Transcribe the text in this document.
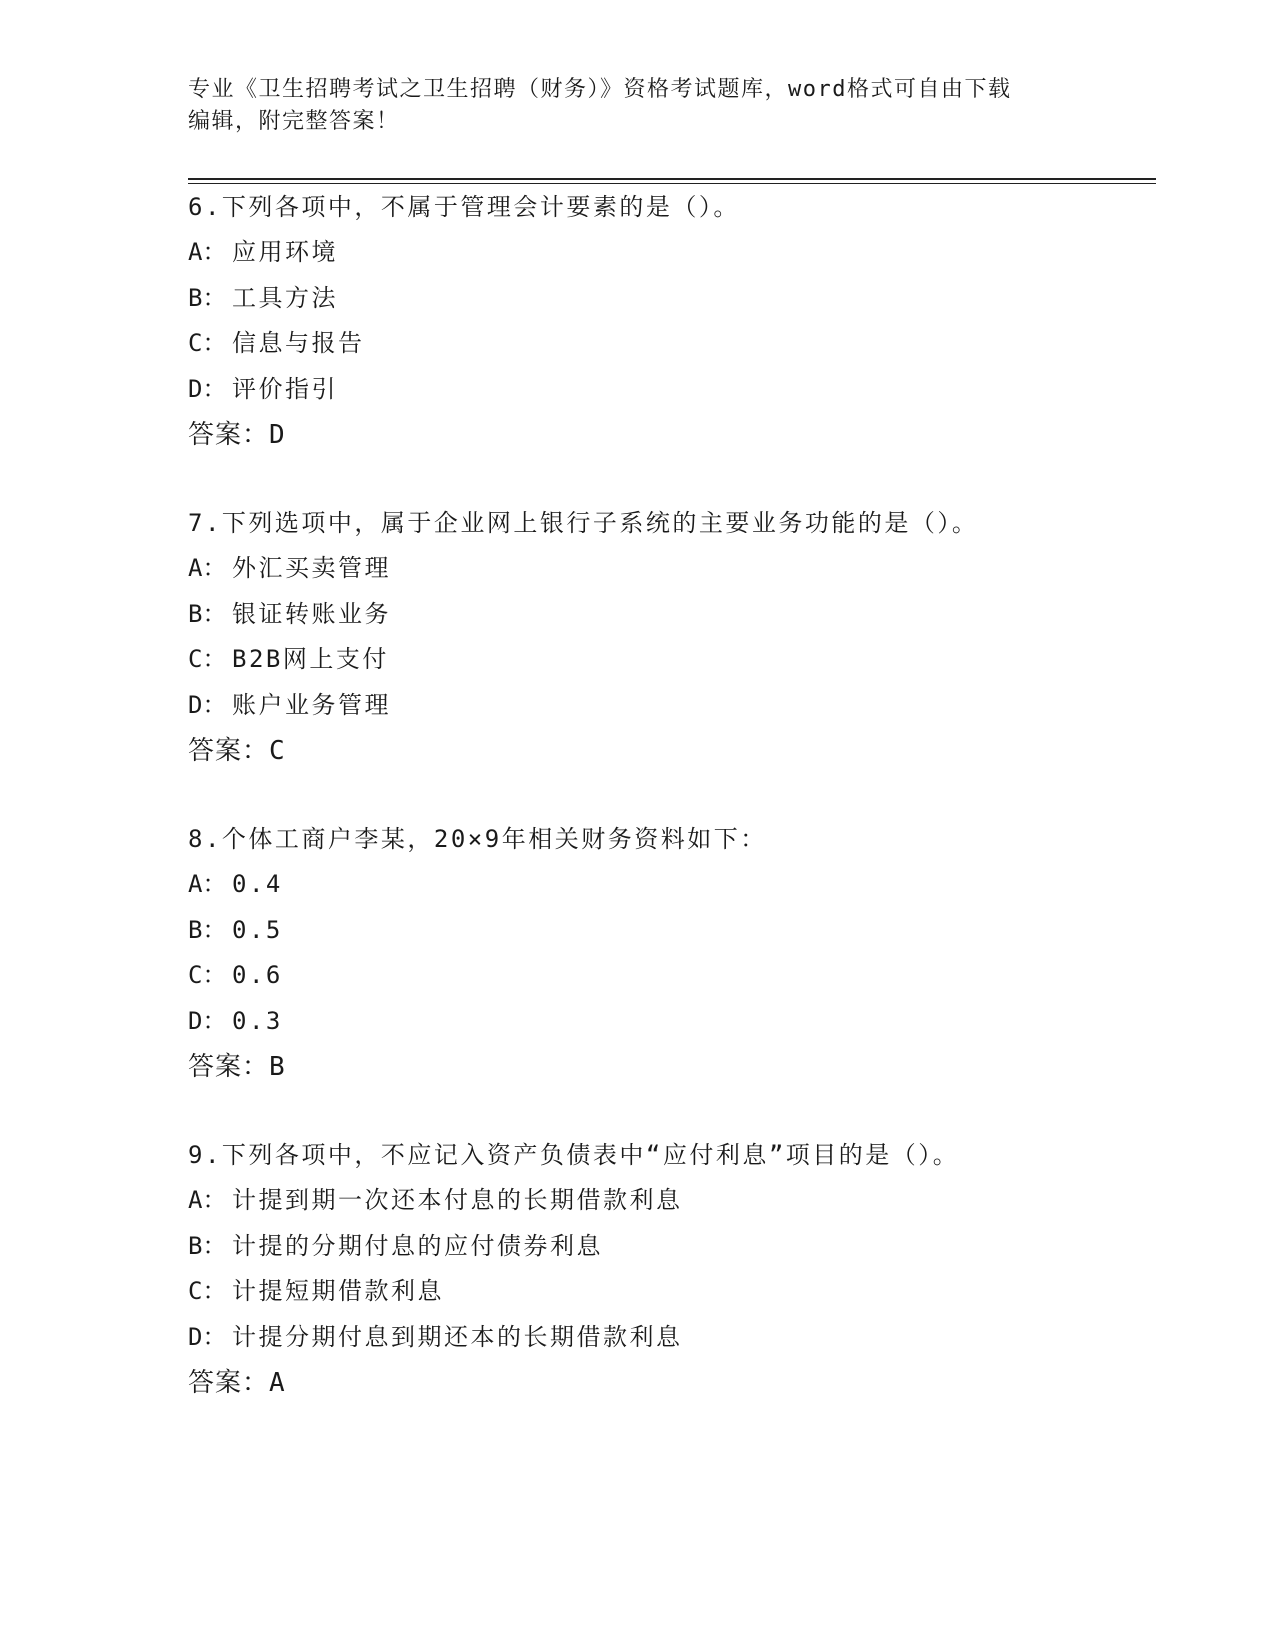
专业《卫生招聘考试之卫生招聘（财务）》资格考试题库，word格式可自由下载
编辑，附完整答案！
6.下列各项中，不属于管理会计要素的是（）。
A： 应用环境
B： 工具方法
C： 信息与报告
D： 评价指引
答案：D
7.下列选项中，属于企业网上银行子系统的主要业务功能的是（）。
A： 外汇买卖管理
B： 银证转账业务
C： B2B网上支付
D： 账户业务管理
答案：C
8.个体工商户李某，20×9年相关财务资料如下：
A： 0.4
B： 0.5
C： 0.6
D： 0.3
答案：B
9.下列各项中，不应记入资产负债表中“应付利息”项目的是（）。
A： 计提到期一次还本付息的长期借款利息
B： 计提的分期付息的应付债券利息
C： 计提短期借款利息
D： 计提分期付息到期还本的长期借款利息
答案：A
